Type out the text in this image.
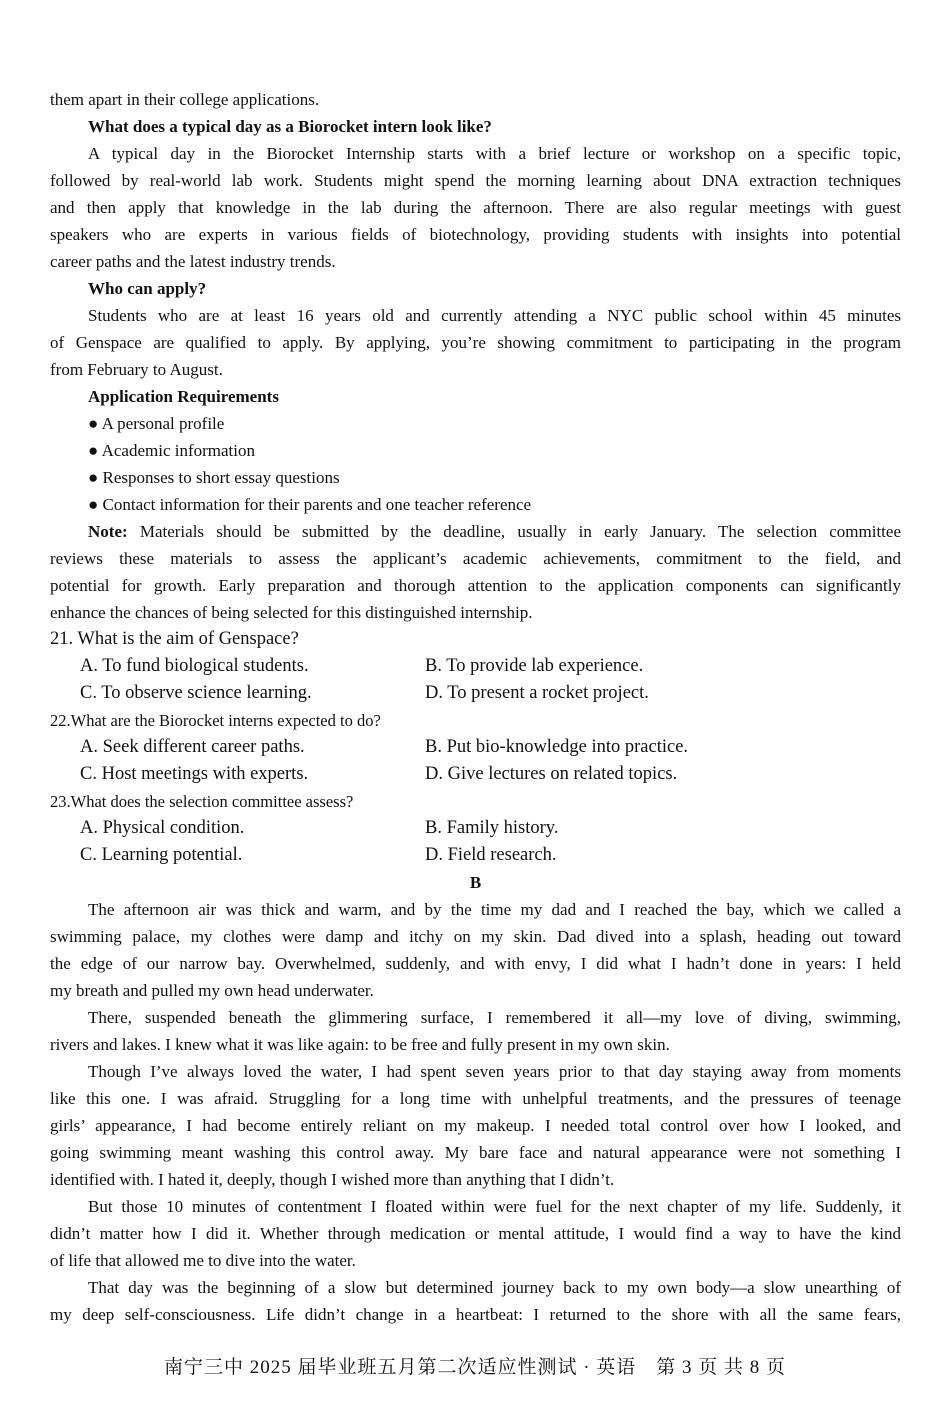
them apart in their college applications.
What does a typical day as a Biorocket intern look like?
A typical day in the Biorocket Internship starts with a brief lecture or workshop on a specific topic,
followed by real-world lab work. Students might spend the morning learning about DNA extraction techniques
and then apply that knowledge in the lab during the afternoon. There are also regular meetings with guest
speakers who are experts in various fields of biotechnology, providing students with insights into potential
career paths and the latest industry trends.
Who can apply?
Students who are at least 16 years old and currently attending a NYC public school within 45 minutes
of Genspace are qualified to apply. By applying, you’re showing commitment to participating in the program
from February to August.
Application Requirements
● A personal profile
● Academic information
● Responses to short essay questions
● Contact information for their parents and one teacher reference
Note: Materials should be submitted by the deadline, usually in early January. The selection committee
reviews these materials to assess the applicant’s academic achievements, commitment to the field, and
potential for growth. Early preparation and thorough attention to the application components can significantly
enhance the chances of being selected for this distinguished internship.
21. What is the aim of Genspace?
A. To fund biological students.	B. To provide lab experience.
C. To observe science learning.	D. To present a rocket project.
22.What are the Biorocket interns expected to do?
A. Seek different career paths.	B. Put bio-knowledge into practice.
C. Host meetings with experts.	D. Give lectures on related topics.
23.What does the selection committee assess?
A. Physical condition.	B. Family history.
C. Learning potential.	D. Field research.
B
The afternoon air was thick and warm, and by the time my dad and I reached the bay, which we called a
swimming palace, my clothes were damp and itchy on my skin. Dad dived into a splash, heading out toward
the edge of our narrow bay. Overwhelmed, suddenly, and with envy, I did what I hadn’t done in years: I held
my breath and pulled my own head underwater.
There, suspended beneath the glimmering surface, I remembered it all—my love of diving, swimming,
rivers and lakes. I knew what it was like again: to be free and fully present in my own skin.
Though I’ve always loved the water, I had spent seven years prior to that day staying away from moments
like this one. I was afraid. Struggling for a long time with unhelpful treatments, and the pressures of teenage
girls’ appearance, I had become entirely reliant on my makeup. I needed total control over how I looked, and
going swimming meant washing this control away. My bare face and natural appearance were not something I
identified with. I hated it, deeply, though I wished more than anything that I didn’t.
But those 10 minutes of contentment I floated within were fuel for the next chapter of my life. Suddenly, it
didn’t matter how I did it. Whether through medication or mental attitude, I would find a way to have the kind
of life that allowed me to dive into the water.
That day was the beginning of a slow but determined journey back to my own body—a slow unearthing of
my deep self-consciousness. Life didn’t change in a heartbeat: I returned to the shore with all the same fears,
南宁三中 2025 届毕业班五月第二次适应性测试 · 英语　第 3 页 共 8 页
